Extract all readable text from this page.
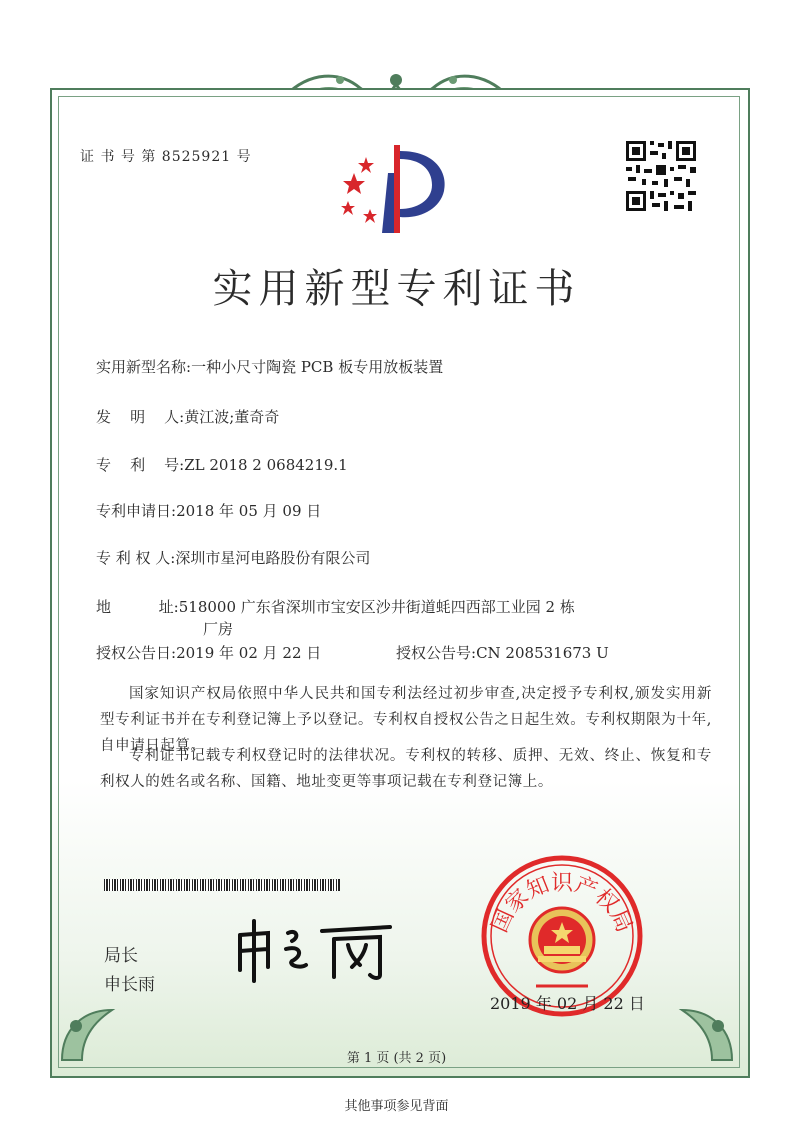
证 书 号 第 8525921 号
实用新型专利证书
实用新型名称:一种小尺寸陶瓷 PCB 板专用放板装置
发    明    人:黄江波;董奇奇
专    利    号:ZL 2018 2 0684219.1
专利申请日:2018 年 05 月 09 日
专 利 权 人:深圳市星河电路股份有限公司
地          址:518000 广东省深圳市宝安区沙井街道蚝四西部工业园 2 栋
厂房
授权公告日:2019 年 02 月 22 日	授权公告号:CN 208531673 U
国家知识产权局依照中华人民共和国专利法经过初步审查,决定授予专利权,颁发实用新型专利证书并在专利登记簿上予以登记。专利权自授权公告之日起生效。专利权期限为十年,自申请日起算。
专利证书记载专利权登记时的法律状况。专利权的转移、质押、无效、终止、恢复和专利权人的姓名或名称、国籍、地址变更等事项记载在专利登记簿上。
局长
申长雨
国家知识产权局
2019 年 02 月 22 日
第 1 页 (共 2 页)
其他事项参见背面
